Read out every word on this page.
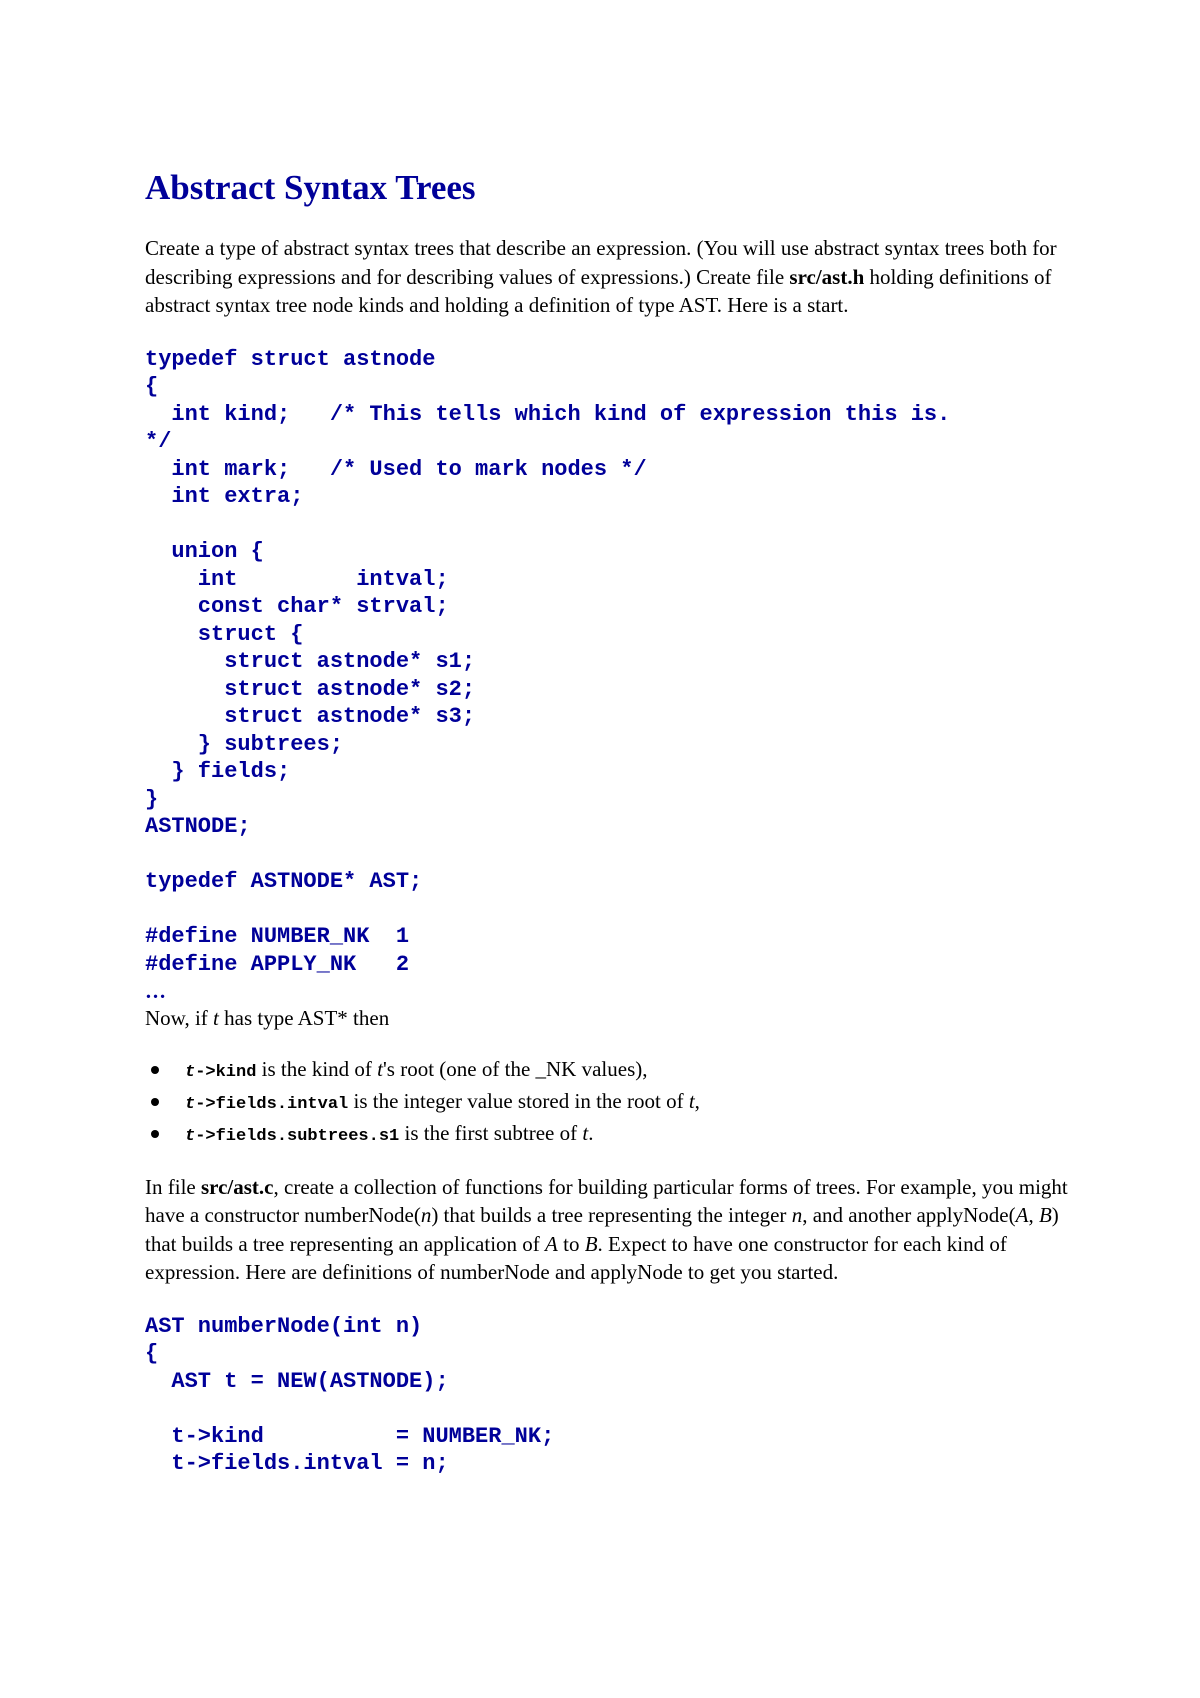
Abstract Syntax Trees

Create a type of abstract syntax trees that describe an expression. (You will use abstract syntax trees both for describing expressions and for describing values of expressions.) Create file src/ast.h holding definitions of abstract syntax tree node kinds and holding a definition of type AST. Here is a start.

typedef struct astnode
{
int kind;   /* This tells which kind of expression this is.
*/
int mark;   /* Used to mark nodes */
int extra;

union {
int         intval;
const char* strval;
struct {
struct astnode* s1;
struct astnode* s2;
struct astnode* s3;
} subtrees;
} fields;
}
ASTNODE;

typedef ASTNODE* AST;

#define NUMBER_NK  1
#define APPLY_NK   2
…

Now, if t has type AST* then

t->kind is the kind of t's root (one of the _NK values),
t->fields.intval is the integer value stored in the root of t,
t->fields.subtrees.s1 is the first subtree of t.

In file src/ast.c, create a collection of functions for building particular forms of trees. For example, you might have a constructor numberNode(n) that builds a tree representing the integer n, and another applyNode(A, B) that builds a tree representing an application of A to B. Expect to have one constructor for each kind of expression. Here are definitions of numberNode and applyNode to get you started.

AST numberNode(int n)
{
AST t = NEW(ASTNODE);

t->kind          = NUMBER_NK;
t->fields.intval = n;
